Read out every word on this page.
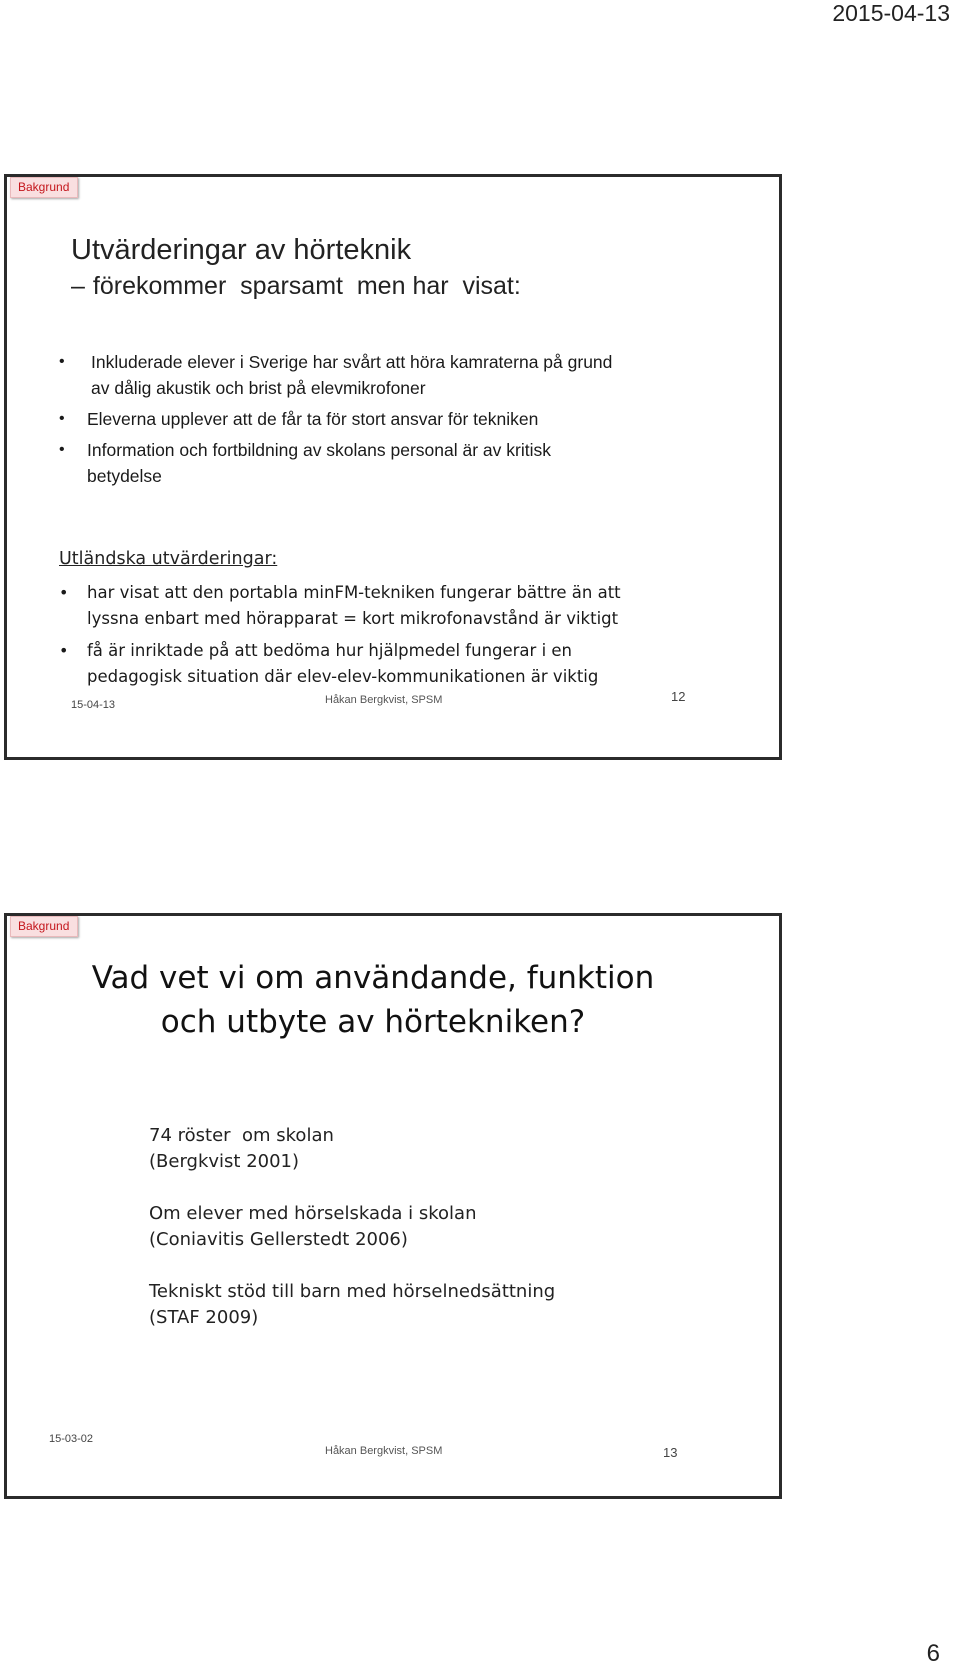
2015-04-13
Bakgrund
Utvärderingar av hörteknik
– förekommer  sparsamt  men har  visat:
• Inkluderade elever i Sverige har svårt att höra kamraterna på grund
av dålig akustik och brist på elevmikrofoner
• Eleverna upplever att de får ta för stort ansvar för tekniken
• Information och fortbildning av skolans personal är av kritisk
betydelse
Utländska utvärderingar:
• har visat att den portabla minFM-tekniken fungerar bättre än att
lyssna enbart med hörapparat = kort mikrofonavstånd är viktigt
• få är inriktade på att bedöma hur hjälpmedel fungerar i en
pedagogisk situation där elev-elev-kommunikationen är viktig
15-04-13	Håkan Bergkvist, SPSM	12
Bakgrund
Vad vet vi om användande, funktion
och utbyte av hörtekniken?
74 röster  om skolan
(Bergkvist 2001)
Om elever med hörselskada i skolan
(Coniavitis Gellerstedt 2006)
Tekniskt stöd till barn med hörselnedsättning
(STAF 2009)
15-03-02
Håkan Bergkvist, SPSM	13
6
